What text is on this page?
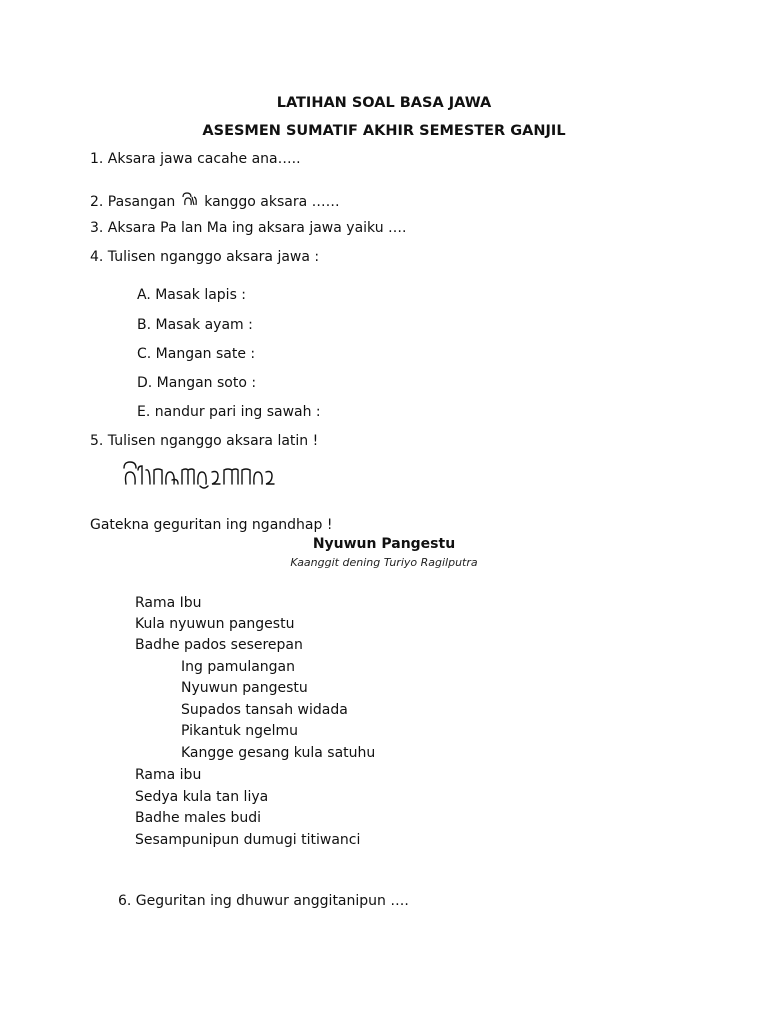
LATIHAN SOAL BASA JAWA
ASESMEN SUMATIF AKHIR SEMESTER GANJIL
1. Aksara jawa cacahe ana…..
2. Pasangan kanggo aksara ……
3. Aksara Pa lan Ma ing aksara jawa yaiku ….
4. Tulisen nganggo aksara jawa :
A. Masak lapis :
B. Masak ayam :
C. Mangan sate :
D. Mangan soto :
E. nandur pari ing sawah :
5. Tulisen nganggo aksara latin !
Gatekna geguritan ing ngandhap !
Nyuwun Pangestu
Kaanggit dening Turiyo Ragilputra
Rama Ibu
Kula nyuwun pangestu
Badhe pados seserepan
Ing pamulangan
Nyuwun pangestu
Supados tansah widada
Pikantuk ngelmu
Kangge gesang kula satuhu
Rama ibu
Sedya kula tan liya
Badhe males budi
Sesampunipun dumugi titiwanci
6. Geguritan ing dhuwur anggitanipun ….
